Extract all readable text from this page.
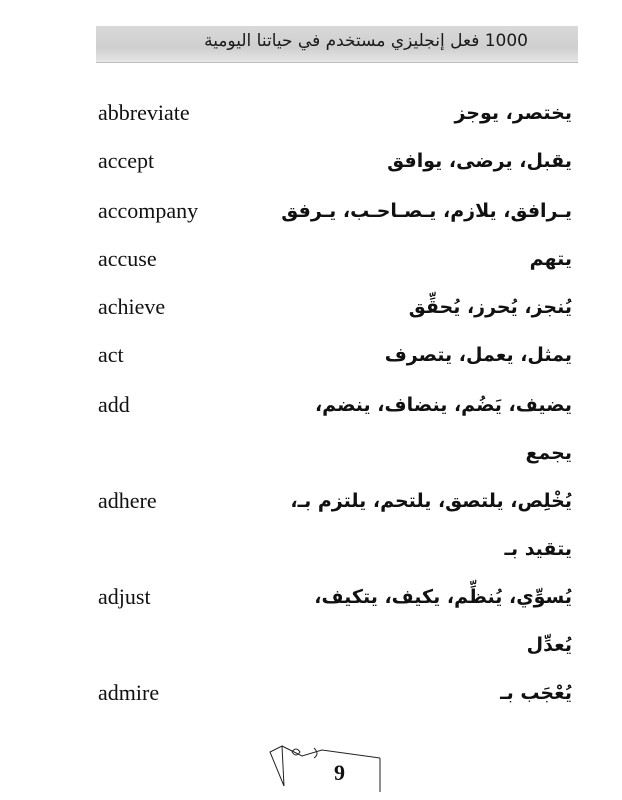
1000 فعل إنجليزي مستخدم في حياتنا اليومية
abbreviate	يختصر، يوجز
accept	يقبل، يرضى، يوافق
accompany	يـرافق، يلازم، يـصـاحـب، يـرفق
accuse	يتهم
achieve	يُنجز، يُحرز، يُحقِّق
act	يمثل، يعمل، يتصرف
add	يضيف، يَضُم، ينضاف، ينضم،
يجمع
adhere	يُخْلِص، يلتصق، يلتحم، يلتزم بـ،
يتقيد بـ
adjust	يُسوِّي، يُنظِّم، يكيف، يتكيف،
يُعدِّل
admire	يُعْجَب بـ
9
